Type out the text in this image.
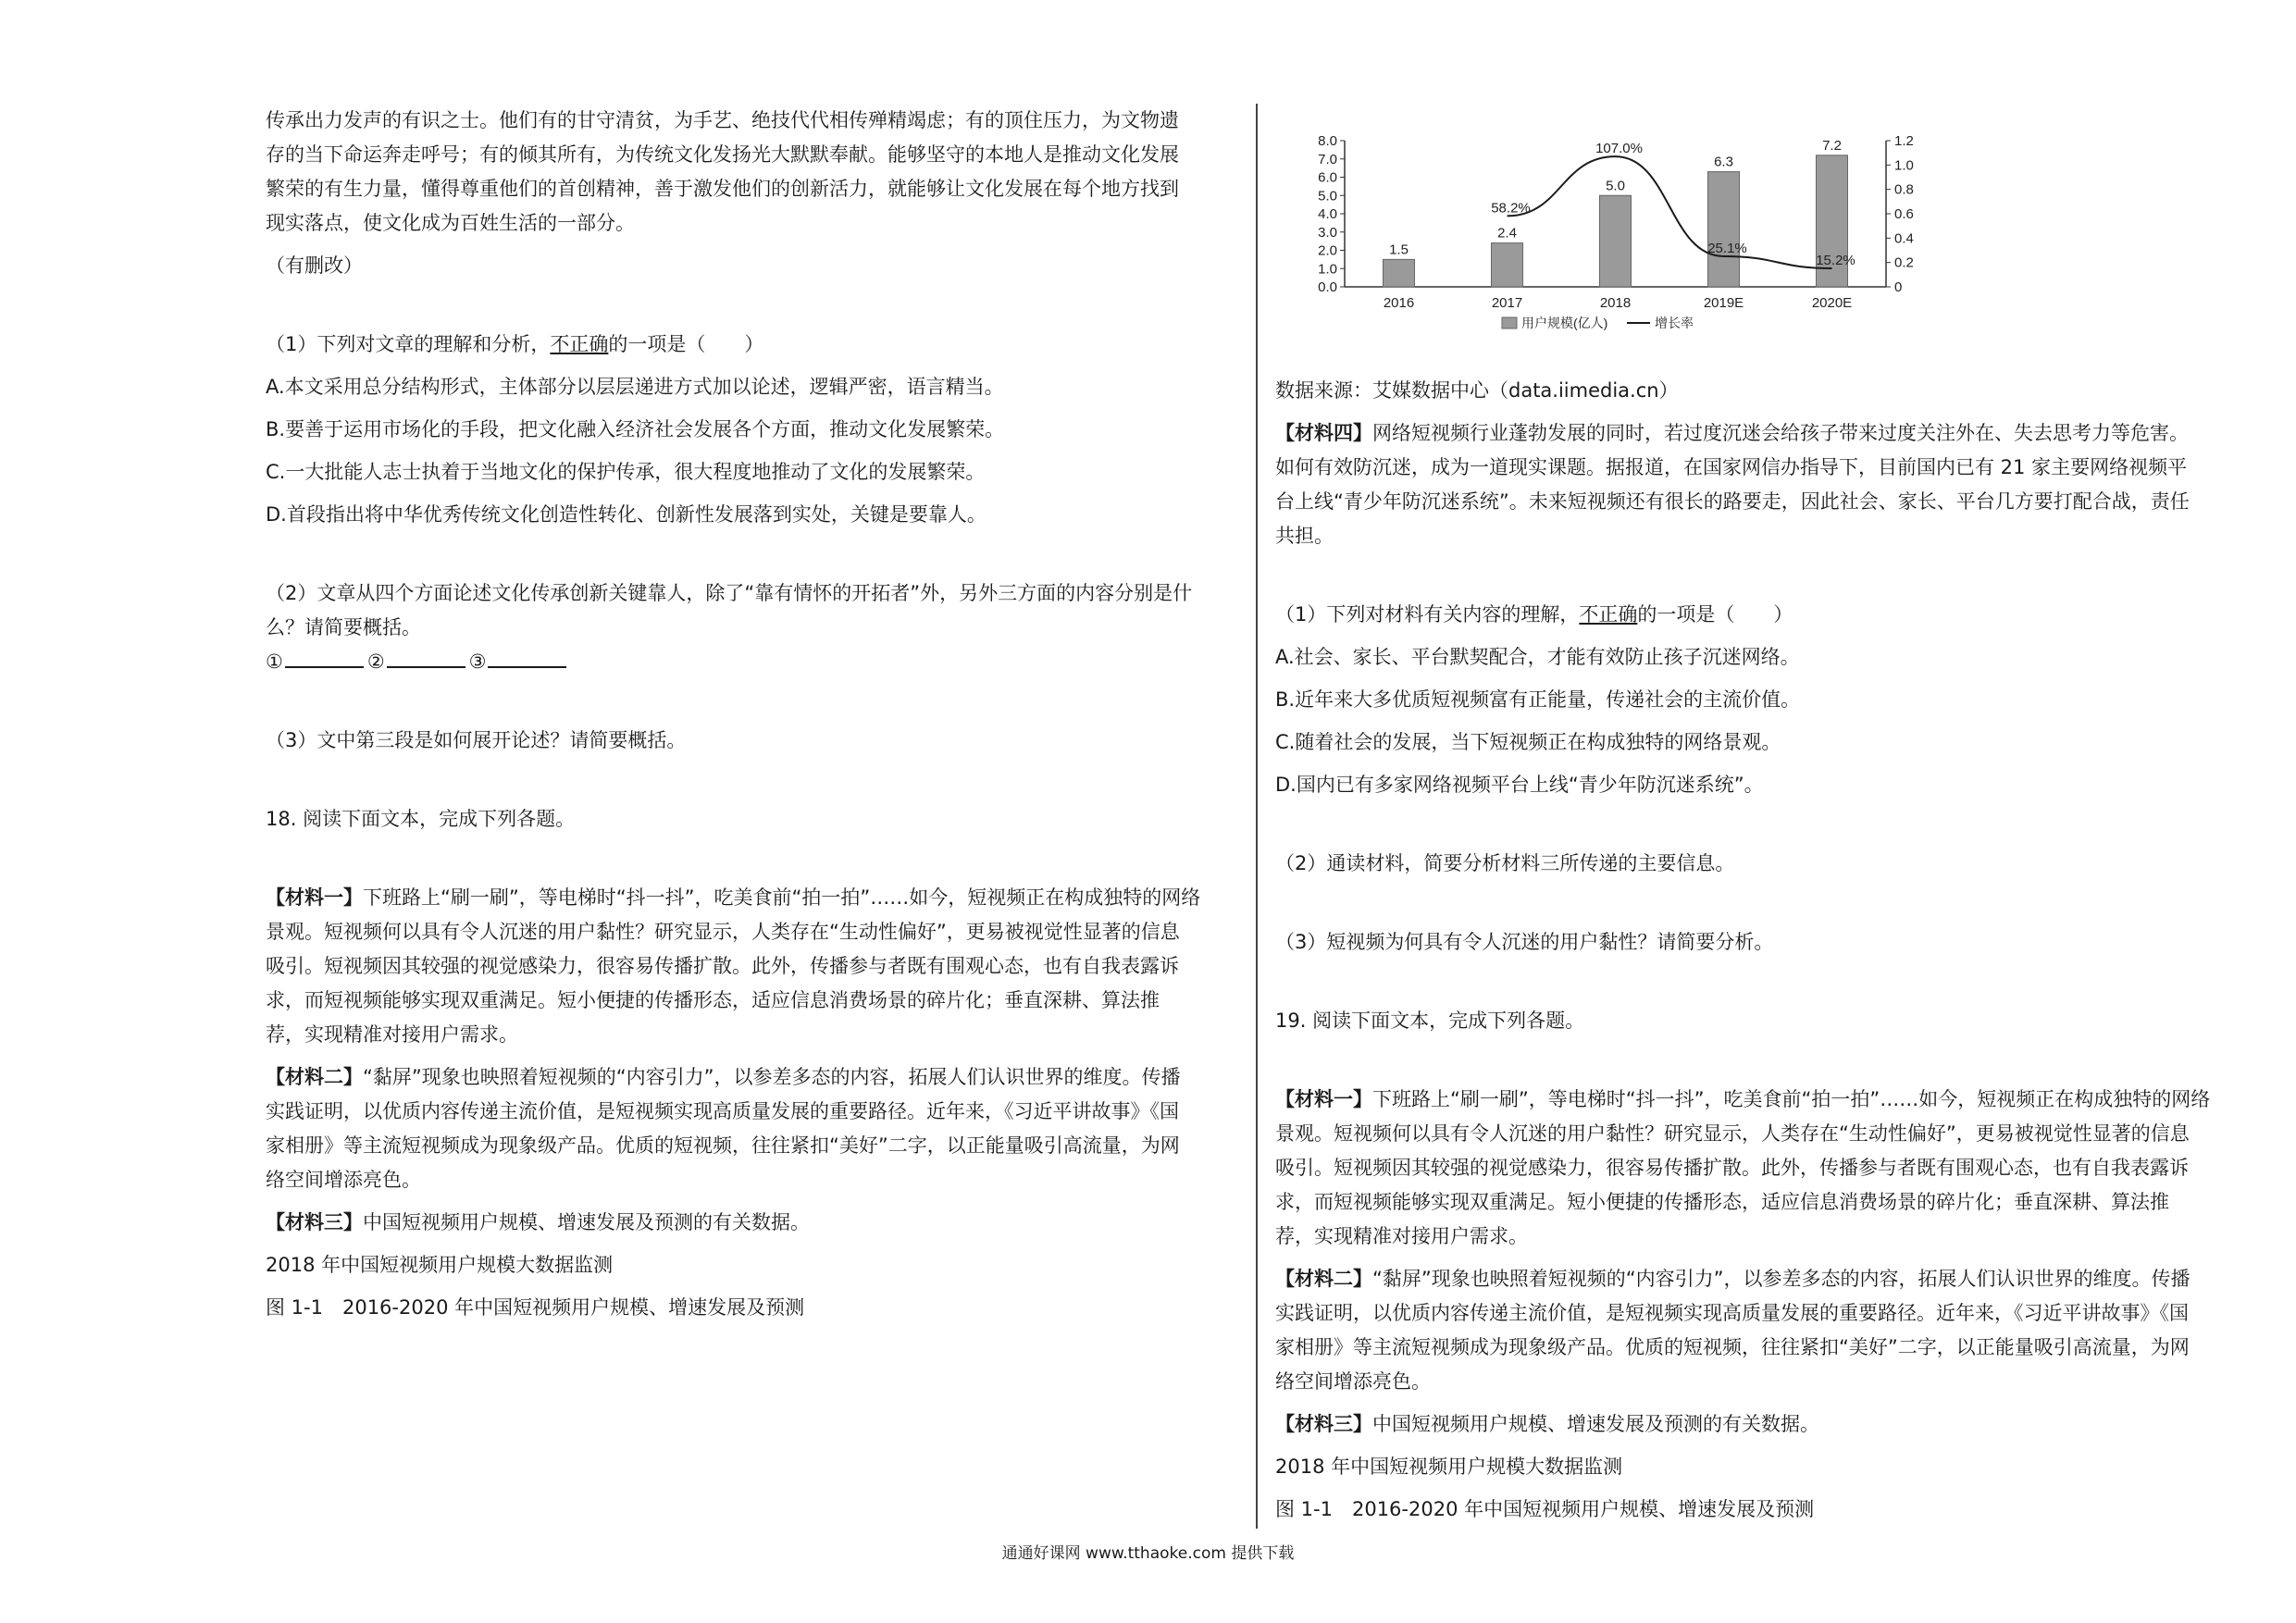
传承出力发声的有识之士。他们有的甘守清贫，为手艺、绝技代代相传殚精竭虑；有的顶住压力，为文物遗

存的当下命运奔走呼号；有的倾其所有，为传统文化发扬光大默默奉献。能够坚守的本地人是推动文化发展

繁荣的有生力量，懂得尊重他们的首创精神，善于激发他们的创新活力，就能够让文化发展在每个地方找到

现实落点，使文化成为百姓生活的一部分。

（有删改）

（1）下列对文章的理解和分析，不正确的一项是（　　）

A.本文采用总分结构形式，主体部分以层层递进方式加以论述，逻辑严密，语言精当。

B.要善于运用市场化的手段，把文化融入经济社会发展各个方面，推动文化发展繁荣。

C.一大批能人志士执着于当地文化的保护传承，很大程度地推动了文化的发展繁荣。

D.首段指出将中华优秀传统文化创造性转化、创新性发展落到实处，关键是要靠人。

（2）文章从四个方面论述文化传承创新关键靠人，除了“靠有情怀的开拓者”外，另外三方面的内容分别是什

么？请简要概括。

①	②	③

（3）文中第三段是如何展开论述？请简要概括。

18. 阅读下面文本，完成下列各题。

【材料一】下班路上“刷一刷”，等电梯时“抖一抖”，吃美食前“拍一拍”……如今，短视频正在构成独特的网络

景观。短视频何以具有令人沉迷的用户黏性？研究显示，人类存在“生动性偏好”，更易被视觉性显著的信息

吸引。短视频因其较强的视觉感染力，很容易传播扩散。此外，传播参与者既有围观心态，也有自我表露诉

求，而短视频能够实现双重满足。短小便捷的传播形态，适应信息消费场景的碎片化；垂直深耕、算法推

荐，实现精准对接用户需求。

【材料二】“黏屏”现象也映照着短视频的“内容引力”，以参差多态的内容，拓展人们认识世界的维度。传播

实践证明，以优质内容传递主流价值，是短视频实现高质量发展的重要路径。近年来，《习近平讲故事》《国

家相册》等主流短视频成为现象级产品。优质的短视频，往往紧扣“美好”二字，以正能量吸引高流量，为网

络空间增添亮色。

【材料三】中国短视频用户规模、增速发展及预测的有关数据。

2018 年中国短视频用户规模大数据监测

图 1-1　2016-2020 年中国短视频用户规模、增速发展及预测

0.0
1.0
2.0
3.0
4.0
5.0
6.0
7.0
8.0
0
0.2
0.4
0.6
0.8
1.0
1.2
1.5
2.4
5.0
6.3
7.2
2016	2017	2018	2019E	2020E
58.2%
107.0%
25.1%
15.2%
用户规模(亿人)	增长率

数据来源：艾媒数据中心（data.iimedia.cn）

【材料四】网络短视频行业蓬勃发展的同时，若过度沉迷会给孩子带来过度关注外在、失去思考力等危害。

如何有效防沉迷，成为一道现实课题。据报道，在国家网信办指导下，目前国内已有 21 家主要网络视频平

台上线“青少年防沉迷系统”。未来短视频还有很长的路要走，因此社会、家长、平台几方要打配合战，责任

共担。

（1）下列对材料有关内容的理解，不正确的一项是（　　）

A.社会、家长、平台默契配合，才能有效防止孩子沉迷网络。

B.近年来大多优质短视频富有正能量，传递社会的主流价值。

C.随着社会的发展，当下短视频正在构成独特的网络景观。

D.国内已有多家网络视频平台上线“青少年防沉迷系统”。

（2）通读材料，简要分析材料三所传递的主要信息。

（3）短视频为何具有令人沉迷的用户黏性？请简要分析。

19. 阅读下面文本，完成下列各题。

【材料一】下班路上“刷一刷”，等电梯时“抖一抖”，吃美食前“拍一拍”……如今，短视频正在构成独特的网络

景观。短视频何以具有令人沉迷的用户黏性？研究显示，人类存在“生动性偏好”，更易被视觉性显著的信息

吸引。短视频因其较强的视觉感染力，很容易传播扩散。此外，传播参与者既有围观心态，也有自我表露诉

求，而短视频能够实现双重满足。短小便捷的传播形态，适应信息消费场景的碎片化；垂直深耕、算法推

荐，实现精准对接用户需求。

【材料二】“黏屏”现象也映照着短视频的“内容引力”，以参差多态的内容，拓展人们认识世界的维度。传播

实践证明，以优质内容传递主流价值，是短视频实现高质量发展的重要路径。近年来，《习近平讲故事》《国

家相册》等主流短视频成为现象级产品。优质的短视频，往往紧扣“美好”二字，以正能量吸引高流量，为网

络空间增添亮色。

【材料三】中国短视频用户规模、增速发展及预测的有关数据。

2018 年中国短视频用户规模大数据监测

图 1-1　2016-2020 年中国短视频用户规模、增速发展及预测

通通好课网 www.tthaoke.com 提供下载
